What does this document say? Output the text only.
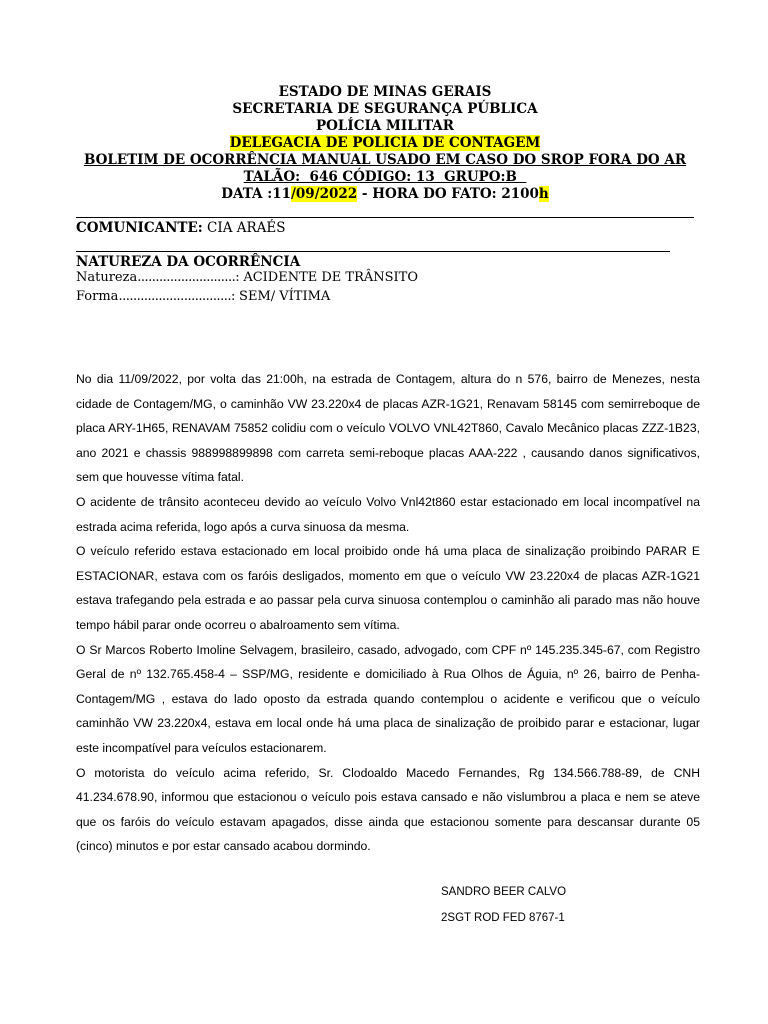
ESTADO DE MINAS GERAIS
SECRETARIA DE SEGURANÇA PÚBLICA
POLÍCIA MILITAR
DELEGACIA DE POLICIA DE CONTAGEM
BOLETIM DE OCORRÊNCIA MANUAL USADO EM CASO DO SROP FORA DO AR
TALÃO:  646 CÓDIGO: 13  GRUPO:B
DATA :11/09/2022 - HORA DO FATO: 2100h
COMUNICANTE: CIA ARAÉS
NATUREZA DA OCORRÊNCIA
Natureza...........................: ACIDENTE DE TRÂNSITO
Forma...............................: SEM/ VÍTIMA

No dia 11/09/2022, por volta das 21:00h, na estrada de Contagem, altura do n 576, bairro de Menezes, nesta cidade de Contagem/MG, o caminhão VW 23.220x4 de placas AZR-1G21, Renavam 58145 com semirreboque de placa ARY-1H65, RENAVAM 75852 colidiu com o veículo VOLVO VNL42T860, Cavalo Mecânico placas ZZZ-1B23, ano 2021 e chassis 988998899898 com carreta semi-reboque placas AAA-222 , causando danos significativos, sem que houvesse vítima fatal.

O acidente de trânsito aconteceu devido ao veículo Volvo Vnl42t860 estar estacionado em local incompatível na estrada acima referida, logo após a curva sinuosa da mesma.

O veículo referido estava estacionado em local proibido onde há uma placa de sinalização proibindo PARAR E ESTACIONAR, estava com os faróis desligados, momento em que o veículo VW 23.220x4 de placas AZR-1G21 estava trafegando pela estrada e ao passar pela curva sinuosa contemplou o caminhão ali parado mas não houve tempo hábil parar onde ocorreu o abalroamento sem vítima.

O Sr Marcos Roberto Imoline Selvagem, brasileiro, casado, advogado, com CPF nº 145.235.345-67, com Registro Geral de nº 132.765.458-4 – SSP/MG, residente e domiciliado à Rua Olhos de Águia, nº 26, bairro de Penha- Contagem/MG , estava do lado oposto da estrada quando contemplou o acidente e verificou que o veículo caminhão VW 23.220x4, estava em local onde há uma placa de sinalização de proibido parar e estacionar, lugar este incompatível para veículos estacionarem.

O motorista do veículo acima referido, Sr. Clodoaldo Macedo Fernandes, Rg 134.566.788-89, de CNH 41.234.678.90, informou que estacionou o veículo pois estava cansado e não vislumbrou a placa e nem se ateve que os faróis do veículo estavam apagados, disse ainda que estacionou somente para descansar durante 05 (cinco) minutos e por estar cansado acabou dormindo.

SANDRO BEER CALVO
2SGT ROD FED 8767-1
